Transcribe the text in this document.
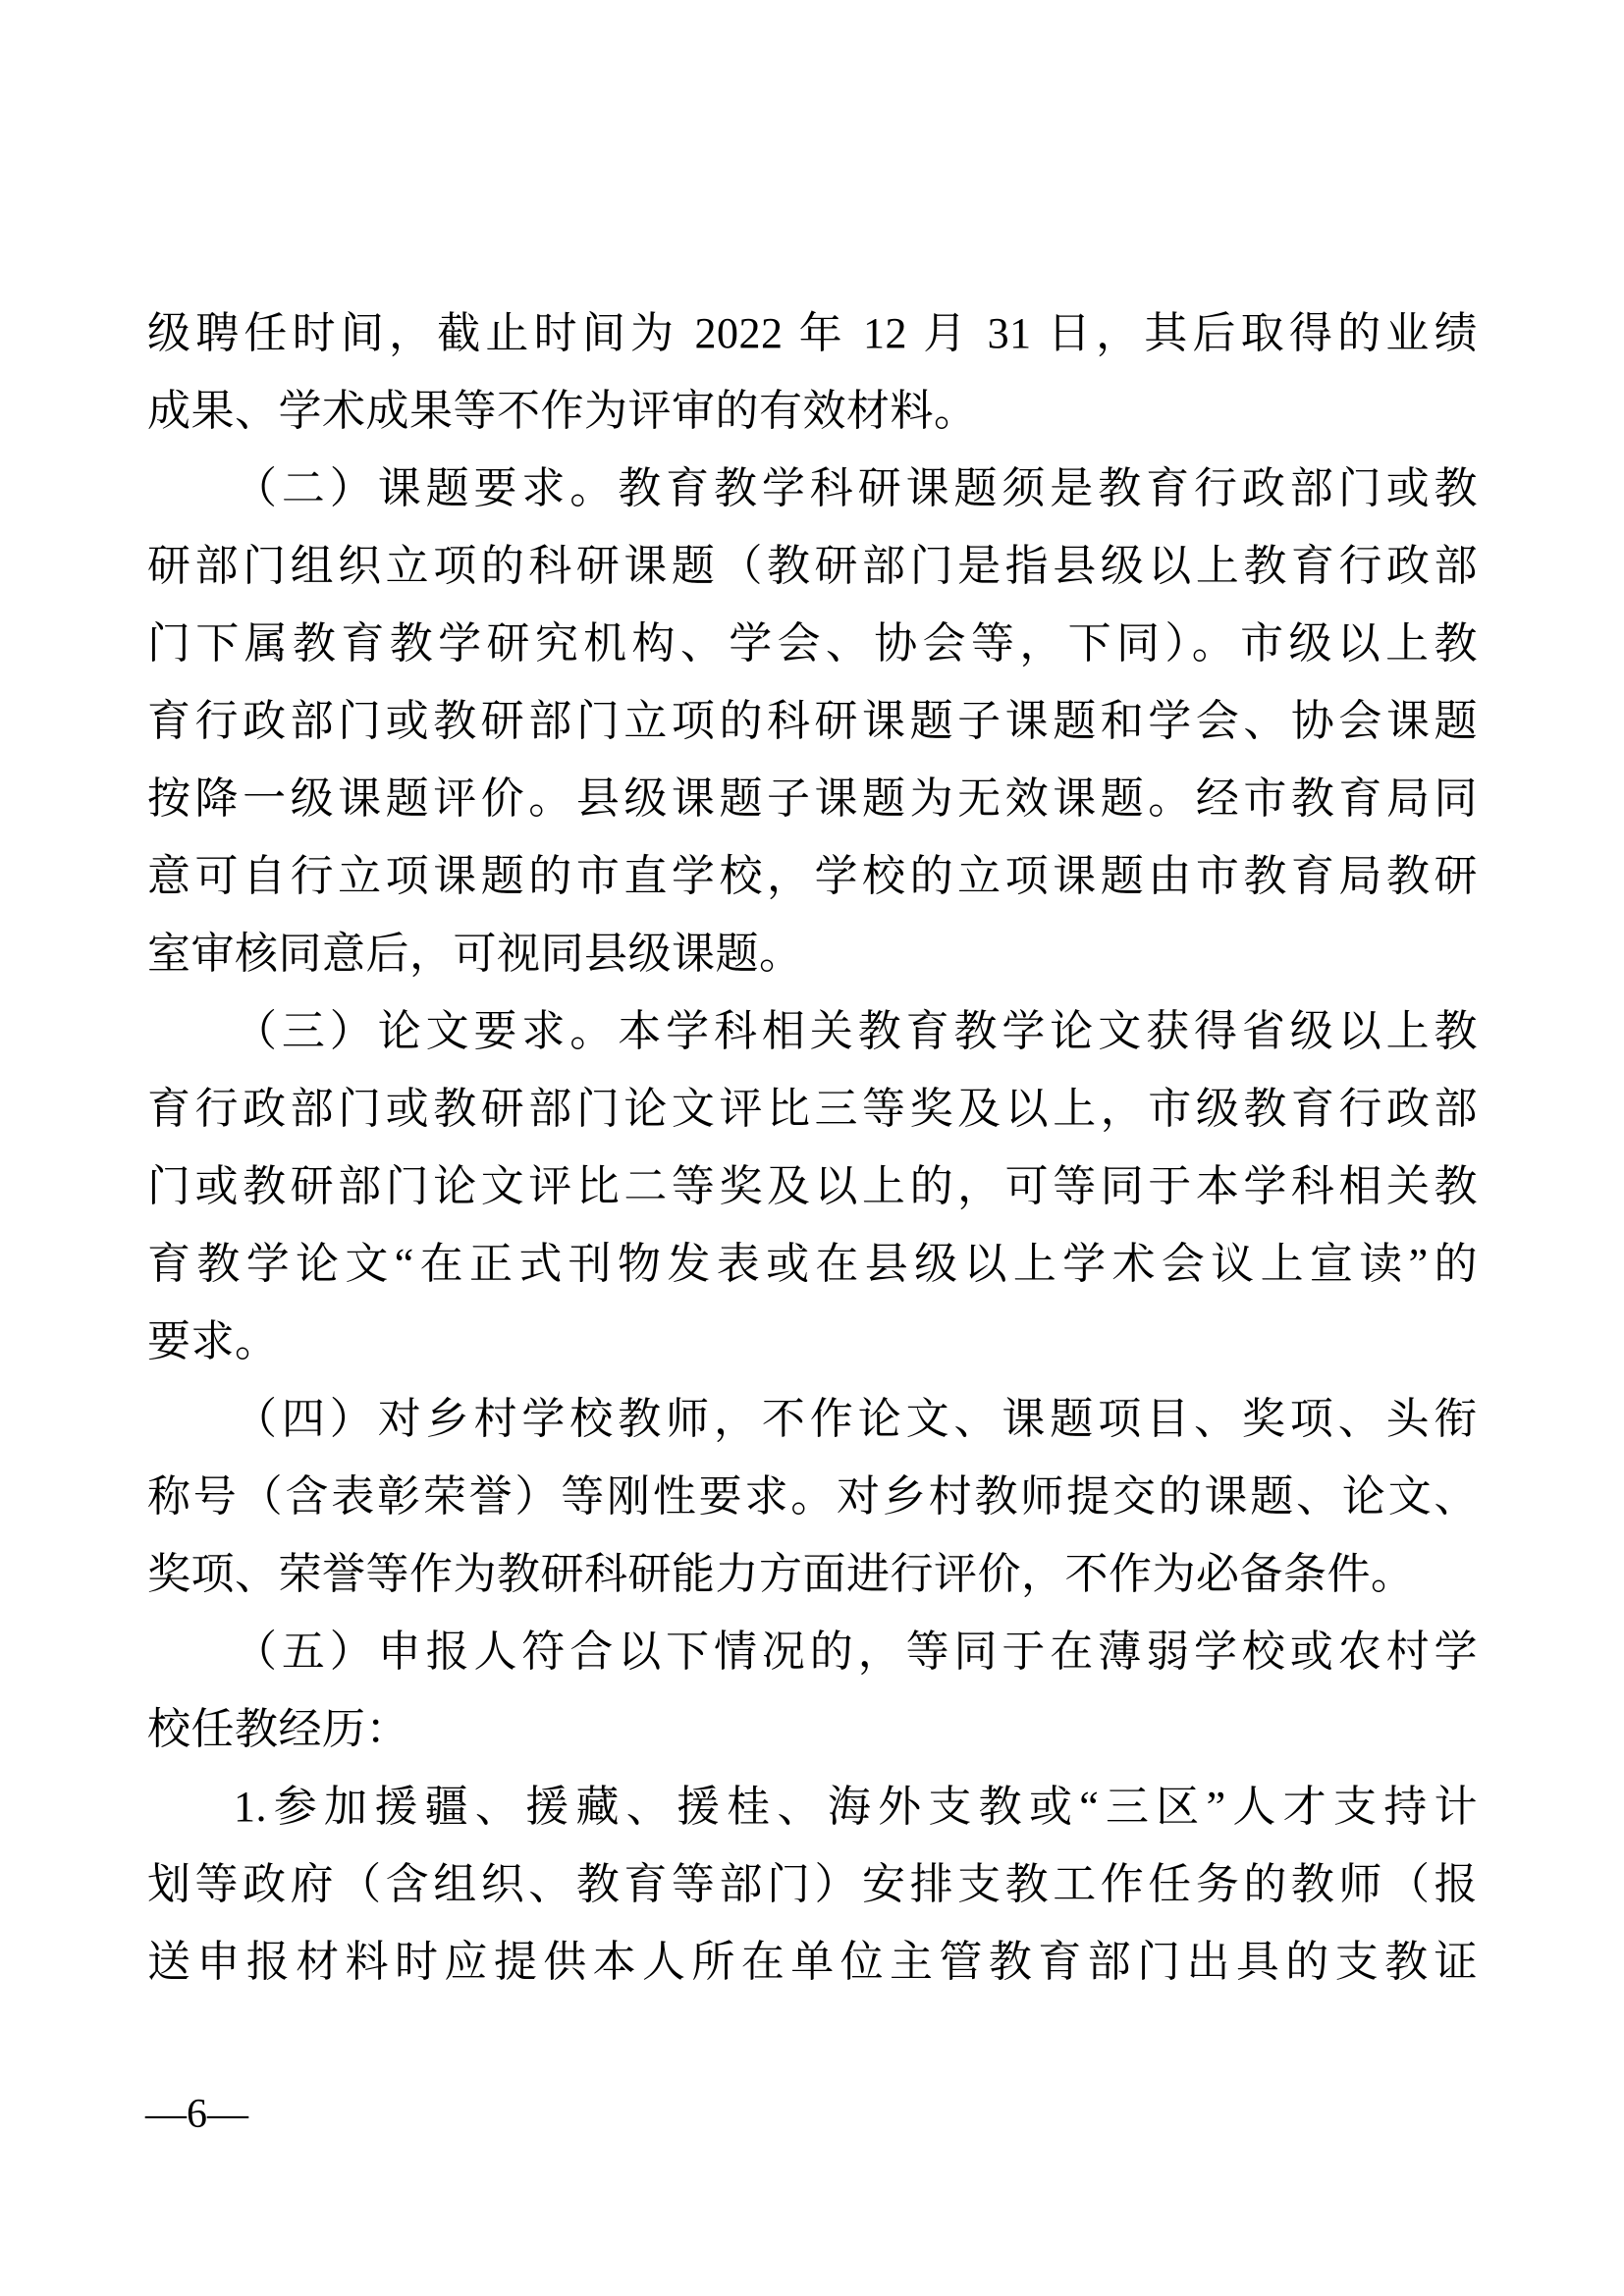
级聘任时间，截止时间为 2022 年 12 月 31 日，其后取得的业绩
成果、学术成果等不作为评审的有效材料。
（二）课题要求。教育教学科研课题须是教育行政部门或教
研部门组织立项的科研课题（教研部门是指县级以上教育行政部
门下属教育教学研究机构、学会、协会等，下同）。市级以上教
育行政部门或教研部门立项的科研课题子课题和学会、协会课题
按降一级课题评价。县级课题子课题为无效课题。经市教育局同
意可自行立项课题的市直学校，学校的立项课题由市教育局教研
室审核同意后，可视同县级课题。
（三）论文要求。本学科相关教育教学论文获得省级以上教
育行政部门或教研部门论文评比三等奖及以上，市级教育行政部
门或教研部门论文评比二等奖及以上的，可等同于本学科相关教
育教学论文“在正式刊物发表或在县级以上学术会议上宣读”的
要求。
（四）对乡村学校教师，不作论文、课题项目、奖项、头衔
称号（含表彰荣誉）等刚性要求。对乡村教师提交的课题、论文、
奖项、荣誉等作为教研科研能力方面进行评价，不作为必备条件。
（五）申报人符合以下情况的，等同于在薄弱学校或农村学
校任教经历：
1.参加援疆、援藏、援桂、海外支教或“三区”人才支持计
划等政府（含组织、教育等部门）安排支教工作任务的教师（报
送申报材料时应提供本人所在单位主管教育部门出具的支教证
—6—
